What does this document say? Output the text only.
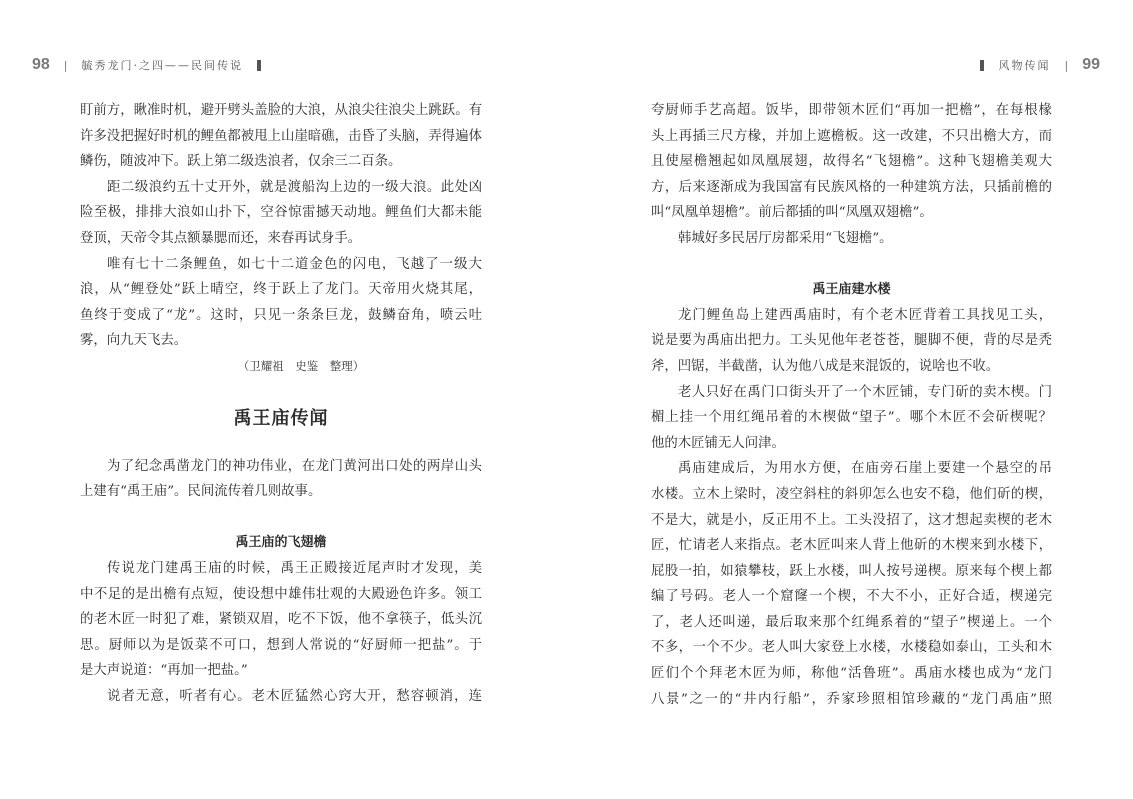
98 | 毓秀龙门·之四——民间传说
盯前方，瞅准时机，避开劈头盖脸的大浪，从浪尖往浪尖上跳跃。有
许多没把握好时机的鲤鱼都被甩上山崖暗礁，击昏了头脑，弄得遍体
鳞伤，随波冲下。跃上第二级迭浪者，仅余三二百条。
距二级浪约五十丈开外，就是渡船沟上边的一级大浪。此处凶
险至极，排排大浪如山扑下，空谷惊雷撼天动地。鲤鱼们大都未能
登顶，天帝令其点额暴腮而还，来春再试身手。
唯有七十二条鲤鱼，如七十二道金色的闪电，飞越了一级大
浪，从“鲤登处”跃上晴空，终于跃上了龙门。天帝用火烧其尾，
鱼终于变成了“龙”。这时，只见一条条巨龙，鼓鳞奋角，喷云吐
雾，向九天飞去。
（卫耀祖　史鉴　整理）
禹王庙传闻
为了纪念禹凿龙门的神功伟业，在龙门黄河出口处的两岸山头
上建有“禹王庙”。民间流传着几则故事。
禹王庙的飞翅檐
传说龙门建禹王庙的时候，禹王正殿接近尾声时才发现，美
中不足的是出檐有点短，使设想中雄伟壮观的大殿逊色许多。领工
的老木匠一时犯了难，紧锁双眉，吃不下饭，他不拿筷子，低头沉
思。厨师以为是饭菜不可口，想到人常说的“好厨师一把盐”。于
是大声说道：“再加一把盐。”
说者无意，听者有心。老木匠猛然心窍大开，愁容顿消，连
风物传闻 | 99
夸厨师手艺高超。饭毕，即带领木匠们“再加一把檐”，在每根椽
头上再插三尺方椽，并加上遮檐板。这一改建，不只出檐大方，而
且使屋檐翘起如凤凰展翅，故得名“飞翅檐”。这种飞翅檐美观大
方，后来逐渐成为我国富有民族风格的一种建筑方法，只插前檐的
叫“凤凰单翅檐”。前后都插的叫“凤凰双翅檐”。
韩城好多民居厅房都采用“飞翅檐”。
禹王庙建水楼
龙门鲤鱼岛上建西禹庙时，有个老木匠背着工具找见工头，
说是要为禹庙出把力。工头见他年老苍苍，腿脚不便，背的尽是秃
斧，凹锯，半截凿，认为他八成是来混饭的，说啥也不收。
老人只好在禹门口街头开了一个木匠铺，专门斫的卖木楔。门
楣上挂一个用红绳吊着的木楔做“望子”。哪个木匠不会斫楔呢？
他的木匠铺无人问津。
禹庙建成后，为用水方便，在庙旁石崖上要建一个悬空的吊
水楼。立木上梁时，凌空斜柱的斜卯怎么也安不稳，他们斫的楔，
不是大，就是小，反正用不上。工头没招了，这才想起卖楔的老木
匠，忙请老人来指点。老木匠叫来人背上他斫的木楔来到水楼下，
屁股一拍，如猿攀枝，跃上水楼，叫人按号递楔。原来每个楔上都
编了号码。老人一个窟窿一个楔，不大不小，正好合适，楔递完
了，老人还叫递，最后取来那个红绳系着的“望子”楔递上。一个
不多，一个不少。老人叫大家登上水楼，水楼稳如泰山，工头和木
匠们个个拜老木匠为师，称他“活鲁班”。禹庙水楼也成为“龙门
八景”之一的“井内行船”，乔家珍照相馆珍藏的“龙门禹庙”照
